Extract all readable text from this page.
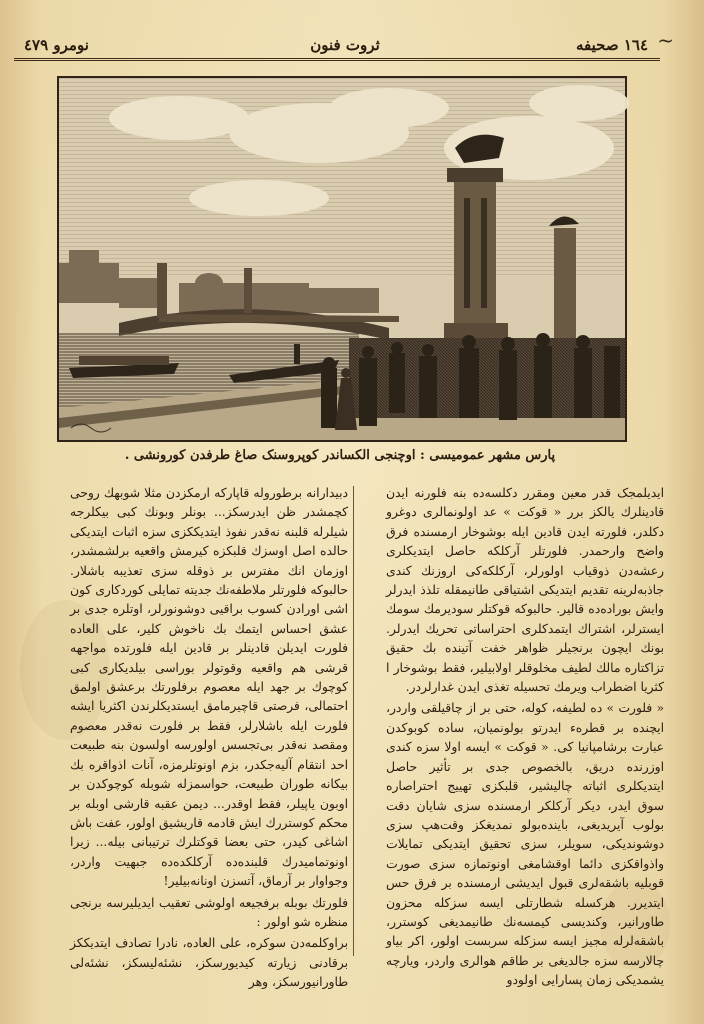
١٦٤ صحیفه
ثروت فنون
نومرو ٤٧٩	~
پارس مشهر عمومیسی : اوچنجی الکساندر کوپروسنک صاغ طرفدن کورونشی .

ایدیلمجک قدر معین ومقرر دکلسه‌ده بنه فلورنه ایدن قادینلرك یالکز برر « قوکت » عد اولونمالری دوغرو دکلدر، فلورته ایدن قادین ایله بوشوخار ارمسنده فرق واضح وارحمدر. فلورتلر آرکلکه حاصل ایتدیکلری رعشه‌دن ذوقیاب اولورلر، آرکلکه‌کی اروزنك کندی جاذبه‌لرینه تقدیم ایتدیکی اشتیاقی طانیمقله تلذذ ایدرلر وایش بوراده‌ده قالیر. حالبوکه قوکتلر سودیرمك سومك ایسترلر، اشتراك ایتمدکلری احتراساتی تحریك ایدرلر. بونك ایچون برنجیلر ظواهر خفت آتینده بك حقیق تزاکتاره مالك لطیف مخلوقلر اولابیلیر، فقط بوشوخار ا کثریا اضطراب ویرمك تحسیله تغذی ایدن غدارلردر.

« فلورت » ده لطیفه، کوله، حتی بر از چاقیلقی واردر، ایچنده بر قطره‌ء ایدرتو بولونمیان، ساده کوبوکدن عبارت برشامپانیا کی. « قوکت » ایسه اولا سزه کندی اوزرنده دریق، بالخصوص جدی بر تأثیر حاصل ایتدیکلری اثباته چالیشیر، قلبکزی تهییج احتراصاره سوق ایدر، دیکر آرکلکر ارمسنده سزی شایان دقت بولوب آیریدیغی، باینده‌بولو نمدیغکز وقت‌هپ سزی دوشوندیکی، سویلر، سزی تحقیق ایتدیکی تمایلات واذواقکزی دائما اوقشامغی اونوتمازه سزی صورت قوبلیه باشقه‌لری قبول ایدیشی ارمسنده بر فرق حس ایتدیرر. هرکسله شطارتلی ایسه سزکله محزون طاورانیر، وکندیسی کیمسه‌نك طانیمدیغی کوسترر، باشقه‌لرله مجیز ایسه سزکله سربست اولور، اکر بیاو چالارسه سزه جالدیغی بر طاقم هوالری واردر، ویارچه‌ یشمدیکی زمان پسارایی اولودو

دبیدارانه برطوروله قاپارکه ارمکزدن مثلا شوبهك روحی کچمشدر ظن ایدرسکز... بونلر وبونك کبی بیکلرجه شیلرله قلبنه نه‌قدر نفوذ ایتدیککزی سزه اثبات ایتدیکی حالده اصل اوسزك قلبکزه کیرمش واقعیه برلشمشدر، اوزمان انك مفترس بر ذوقله سزی تعذیبه باشلار. حالبوکه فلورتلر ملاطفه‌نك جدیته تمایلی کوردکاری کون اشی اورادن کسوب براقیی دوشونورلر، اوتلره جدی بر عشق احساس ایتمك بك ناخوش کلیر، علی العاده فلورت ایدیلن قادینلر بر قادین ایله فلورتده مواجهه قرشی هم واقعیه وقوتولر بوراسی بیلدیکاری کبی کوچوك بر جهد ایله معصوم برفلورتك برعشق اولمق احتمالی، فرصتی قاچیرمامق ایستدیکلرندن اکثریا ایشه فلورت ایله باشلارلر، فقط بر فلورت نه‌قدر معصوم ومقصد نه‌قدر بی‌تجسس اولورسه اولسون بنه طبیعت احد انتقام آلیه‌جکدر، بزم اونوتلرمزه، آنات اذواقره‌ بك بیکانه طوران طبیعت، حواسمزله شوبله کوچوکدن بر اوبون یاپیلر، فقط اوقدر... دیمن عقبه قارشی اوبله بر محکم کوستررك ایش قادمه قاریشیق اولور، عفت باش اشاغی کیدر، حتی بعضا قوکتلرك ترتیبانی بیله... زیرا اونوتمامیدرك قلبنده‌ده آرکلکده‌ده جبهیت واردر، وجواوار بر آرماق، آتسزن اونانه‌بیلیر!

فلورتك بوبله برفجیعه اولوشی تعقیب ایدیلیرسه برنجی منظره شو اولور :

براوکلمه‌دن‌ سوکره، علی العاده، نادرا تصادف ایتدیککز برقادنی زیارته کیدیورسکز، نشئه‌لیسکز، نشئه‌لی طاورانیورسکز، وهر
